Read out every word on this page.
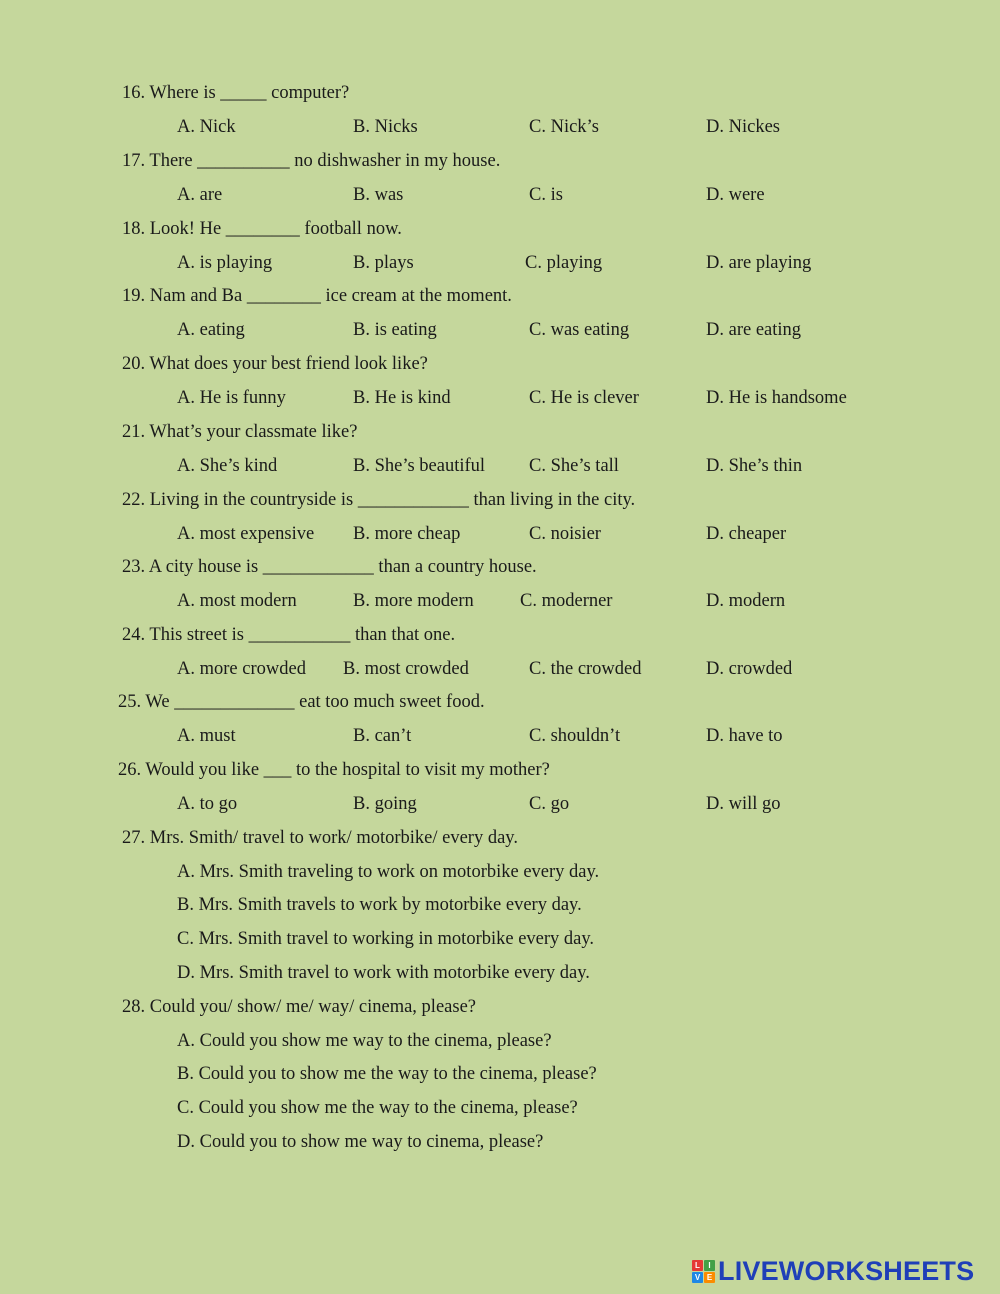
16. Where is _____ computer?
A. Nick	B. Nicks	C. Nick’s	D. Nickes
17. There __________ no dishwasher in my house.
A. are	B. was	C. is	D. were
18. Look! He ________ football now.
A. is playing	B. plays	C. playing	D. are playing
19. Nam and Ba ________ ice cream at the moment.
A. eating	B. is eating	C. was eating	D. are eating
20. What does your best friend look like?
A. He is funny	B. He is kind	C. He is clever	D. He is handsome
21. What’s your classmate like?
A. She’s kind	B. She’s beautiful C. She’s tall	D. She’s thin
22. Living in the countryside is ____________ than living in the city.
A. most expensive B. more cheap	C. noisier	D. cheaper
23. A city house is ____________ than a country house.
A. most modern	B. more modern	C. moderner	D. modern
24. This street is ___________ than that one.
A. more crowded B. most crowded	C. the crowded	D. crowded
25. We _____________ eat too much sweet food.
A. must	B. can’t	C. shouldn’t	D. have to
26. Would you like ___ to the hospital to visit my mother?
A. to go	B. going	C. go	D. will go
27. Mrs. Smith/ travel to work/ motorbike/ every day.
A. Mrs. Smith traveling to work on motorbike every day.
B. Mrs. Smith travels to work by motorbike every day.
C. Mrs. Smith travel to working in motorbike every day.
D. Mrs. Smith travel to work with motorbike every day.
28. Could you/ show/ me/ way/ cinema, please?
A. Could you show me way to the cinema, please?
B. Could you to show me the way to the cinema, please?
C. Could you show me the way to the cinema, please?
D. Could you to show me way to cinema, please?
L	I
V E LIVEWORKSHEETS
